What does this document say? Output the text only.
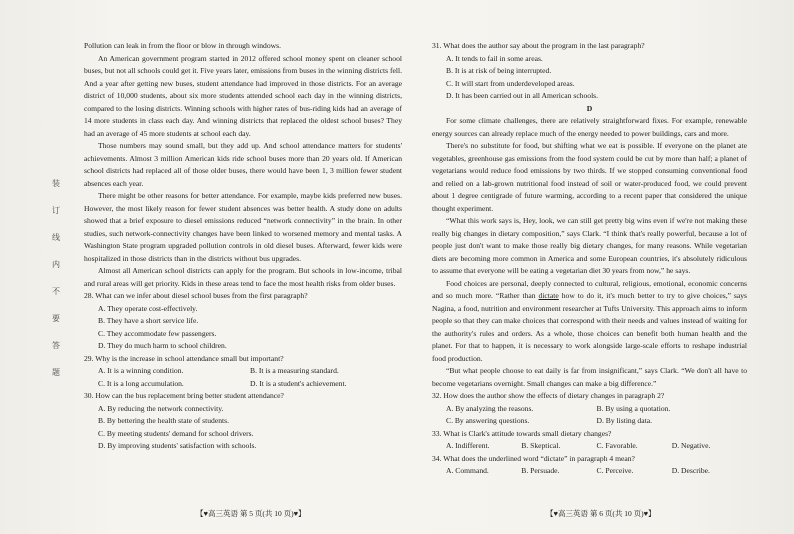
装
订
线
内
不
要
答
题

Pollution can leak in from the floor or blow in through windows.

An American government program started in 2012 offered school money spent on cleaner school buses, but not all schools could get it. Five years later, emissions from buses in the winning districts fell. And a year after getting new buses, student attendance had improved in those districts. For an average district of 10,000 students, about six more students attended school each day in the winning districts, compared to the losing districts. Winning schools with higher rates of bus-riding kids had an average of 14 more students in class each day. And winning districts that replaced the oldest school buses? They had an average of 45 more students at school each day.

Those numbers may sound small, but they add up. And school attendance matters for students' achievements. Almost 3 million American kids ride school buses more than 20 years old. If American school districts had replaced all of those older buses, there would have been 1, 3 million fewer student absences each year.

There might be other reasons for better attendance. For example, maybe kids preferred new buses. However, the most likely reason for fewer student absences was better health. A study done on adults showed that a brief exposure to diesel emissions reduced “network connectivity” in the brain. In other studies, such network-connectivity changes have been linked to worsened memory and mental tasks. A Washington State program upgraded pollution controls in old diesel buses. Afterward, fewer kids were hospitalized in those districts than in the districts without bus upgrades.

Almost all American school districts can apply for the program. But schools in low-income, tribal and rural areas will get priority. Kids in these areas tend to face the most health risks from older buses.

28. What can we infer about diesel school buses from the first paragraph?

A. They operate cost-effectively.

B. They have a short service life.

C. They accommodate few passengers.

D. They do much harm to school children.

29. Why is the increase in school attendance small but important?

A. It is a winning condition.	B. It is a measuring standard.
C. It is a long accumulation.	D. It is a student's achievement.

30. How can the bus replacement bring better student attendance?

A. By reducing the network connectivity.

B. By bettering the health state of students.

C. By meeting students' demand for school drivers.

D. By improving students' satisfaction with schools.

31. What does the author say about the program in the last paragraph?

A. It tends to fail in some areas.

B. It is at risk of being interrupted.

C. It will start from underdeveloped areas.

D. It has been carried out in all American schools.

D

For some climate challenges, there are relatively straightforward fixes. For example, renewable energy sources can already replace much of the energy needed to power buildings, cars and more.

There's no substitute for food, but shifting what we eat is possible. If everyone on the planet ate vegetables, greenhouse gas emissions from the food system could be cut by more than half; a planet of vegetarians would reduce food emissions by two thirds. If we stopped consuming conventional food and relied on a lab-grown nutritional food instead of soil or water-produced food, we could prevent about 1 degree centigrade of future warming, according to a recent paper that considered the unique thought experiment.

“What this work says is, Hey, look, we can still get pretty big wins even if we're not making these really big changes in dietary composition,” says Clark. “I think that's really powerful, because a lot of people just don't want to make those really big dietary changes, for many reasons. While vegetarian diets are becoming more common in America and some European countries, it's absolutely ridiculous to assume that everyone will be eating a vegetarian diet 30 years from now,” he says.

Food choices are personal, deeply connected to cultural, religious, emotional, economic concerns and so much more. “Rather than dictate how to do it, it's much better to try to give choices,” says Nagina, a food, nutrition and environment researcher at Tufts University. This approach aims to inform people so that they can make choices that correspond with their needs and values instead of waiting for the authority's rules and orders. As a whole, those choices can benefit both human health and the planet. For that to happen, it is necessary to work alongside large-scale efforts to reshape industrial food production.

“But what people choose to eat daily is far from insignificant,” says Clark. “We don't all have to become vegetarians overnight. Small changes can make a big difference.”

32. How does the author show the effects of dietary changes in paragraph 2?

A. By analyzing the reasons.	B. By using a quotation.
C. By answering questions.	D. By listing data.

33. What is Clark's attitude towards small dietary changes?

A. Indifferent.	B. Skeptical.	C. Favorable.	D. Negative.

34. What does the underlined word “dictate” in paragraph 4 mean?

A. Command.	B. Persuade.	C. Perceive.	D. Describe.
【♥高三英语 第 5 页(共 10 页)♥】	【♥高三英语 第 6 页(共 10 页)♥】
